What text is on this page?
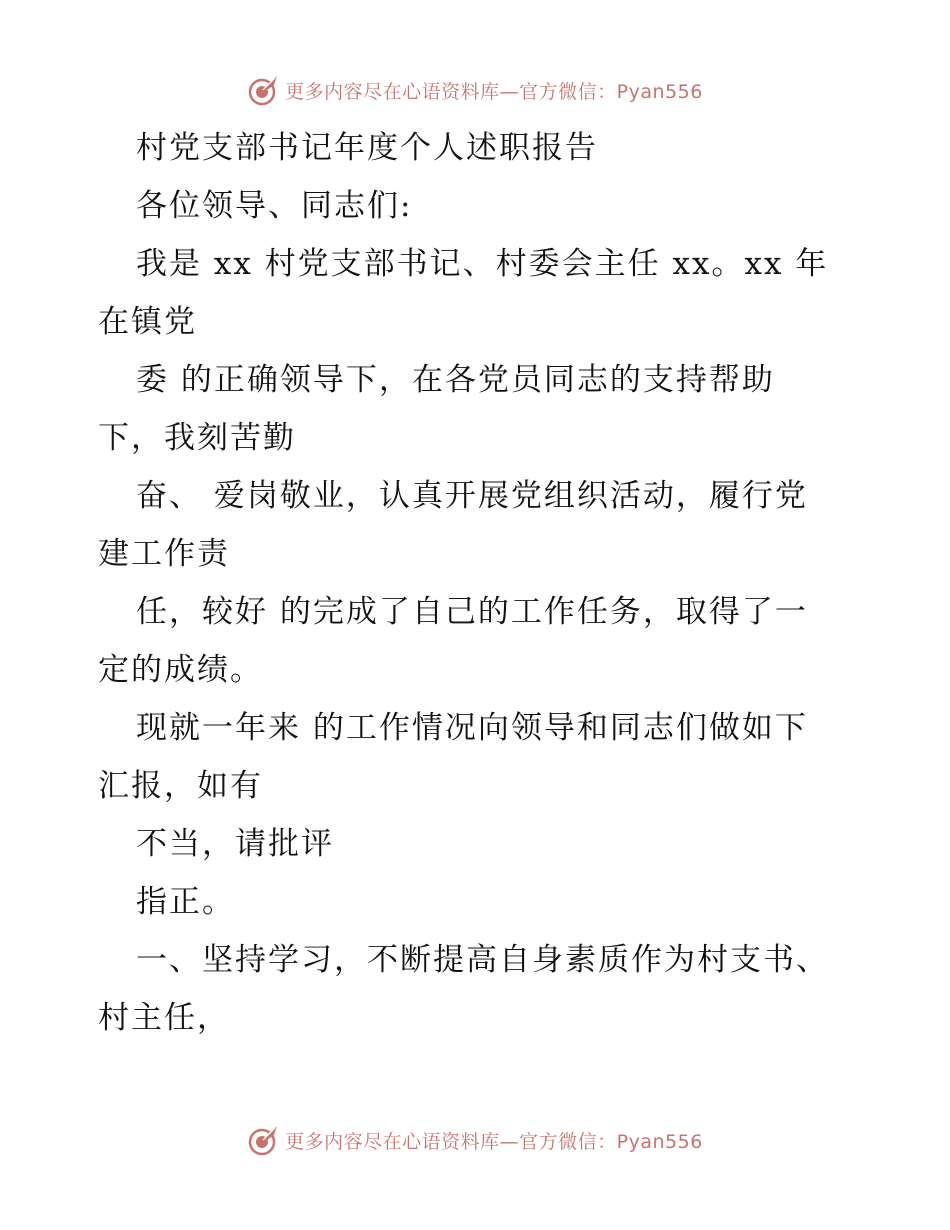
更多内容尽在心语资料库—官方微信：Pyan556
村党支部书记年度个人述职报告
各位领导、同志们:
我是 xx 村党支部书记、村委会主任 xx。xx 年
在镇党
委 的正确领导下，在各党员同志的支持帮助
下，我刻苦勤
奋、 爱岗敬业，认真开展党组织活动，履行党
建工作责
任，较好 的完成了自己的工作任务，取得了一
定的成绩。
现就一年来 的工作情况向领导和同志们做如下
汇报，如有
不当，请批评
指正。
一、坚持学习，不断提高自身素质作为村支书、
村主任，
更多内容尽在心语资料库—官方微信：Pyan556
